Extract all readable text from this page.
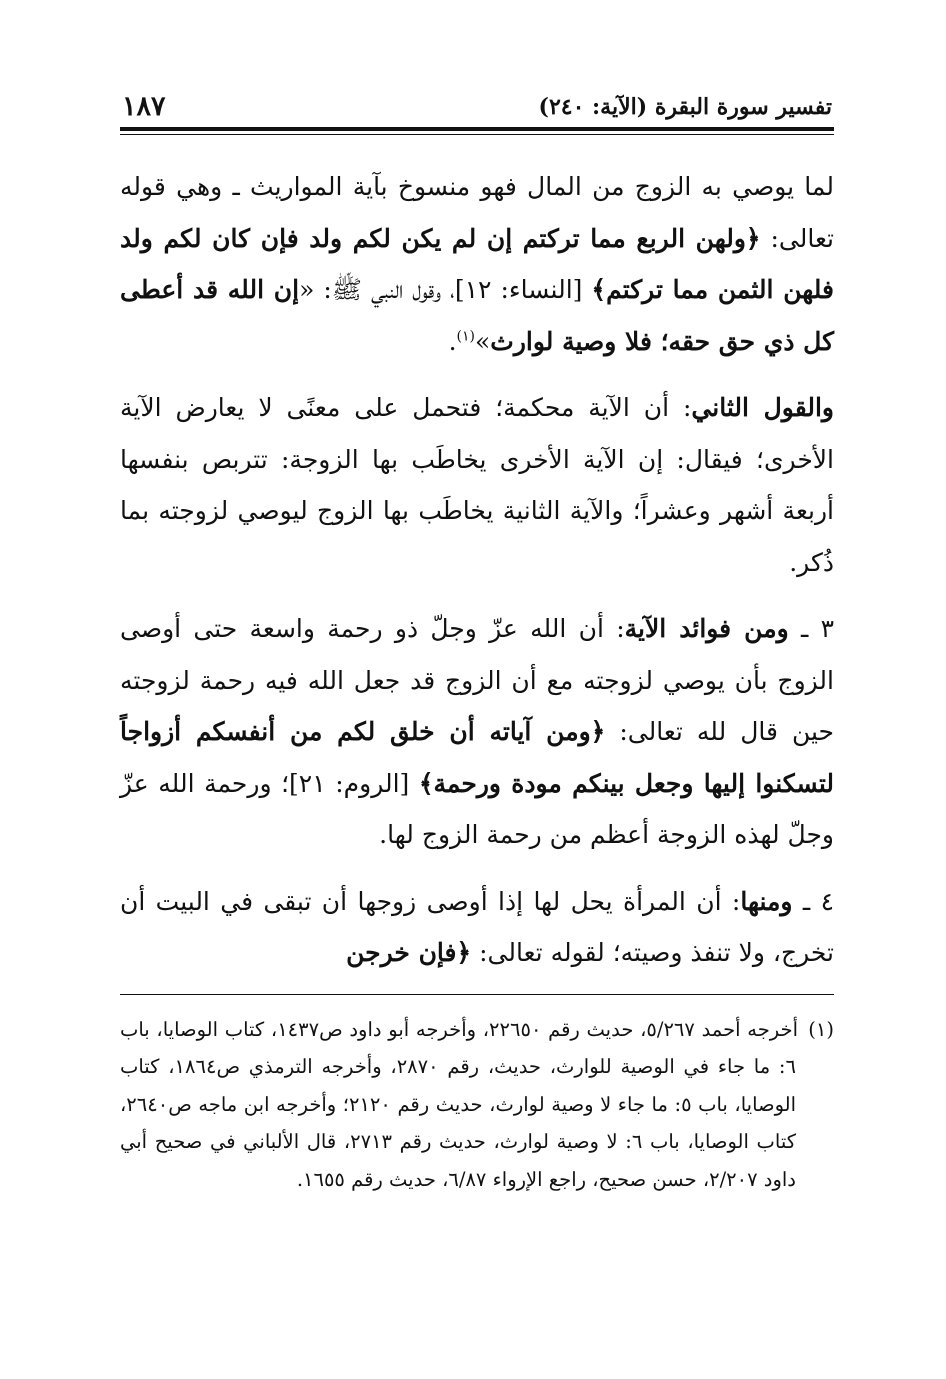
تفسير سورة البقرة (الآية: ٢٤٠)
١٨٧

لما يوصي به الزوج من المال فهو منسوخ بآية المواريث ـ وهي قوله تعالى: ﴿ولهن الربع مما تركتم إن لم يكن لكم ولد فإن كان لكم ولد فلهن الثمن مما تركتم﴾ [النساء: ١٢]، وقول النبي ﷺ: «إن الله قد أعطى كل ذي حق حقه؛ فلا وصية لوارث»$^{(١)}$.

والقول الثاني: أن الآية محكمة؛ فتحمل على معنًى لا يعارض الآية الأخرى؛ فيقال: إن الآية الأخرى يخاطَب بها الزوجة: تتربص بنفسها أربعة أشهر وعشراً؛ والآية الثانية يخاطَب بها الزوج ليوصي لزوجته بما ذُكر.

٣ ـ ومن فوائد الآية: أن الله عزّ وجلّ ذو رحمة واسعة حتى أوصى الزوج بأن يوصي لزوجته مع أن الزوج قد جعل الله فيه رحمة لزوجته حين قال لله تعالى: ﴿ومن آياته أن خلق لكم من أنفسكم أزواجاً لتسكنوا إليها وجعل بينكم مودة ورحمة﴾ [الروم: ٢١]؛ ورحمة الله عزّ وجلّ لهذه الزوجة أعظم من رحمة الزوج لها.

٤ ـ ومنها: أن المرأة يحل لها إذا أوصى زوجها أن تبقى في البيت أن تخرج، ولا تنفذ وصيته؛ لقوله تعالى: ﴿فإن خرجن

(١)أخرجه أحمد ٥/٢٦٧، حديث رقم ٢٢٦٥٠، وأخرجه أبو داود ص١٤٣٧، كتاب الوصايا، باب ٦: ما جاء في الوصية للوارث، حديث، رقم ٢٨٧٠، وأخرجه الترمذي ص١٨٦٤، كتاب الوصايا، باب ٥: ما جاء لا وصية لوارث، حديث رقم ٢١٢٠؛ وأخرجه ابن ماجه ص٢٦٤٠، كتاب الوصايا، باب ٦: لا وصية لوارث، حديث رقم ٢٧١٣، قال الألباني في صحيح أبي داود ٢/٢٠٧، حسن صحيح، راجع الإرواء ٦/٨٧، حديث رقم ١٦٥٥.
